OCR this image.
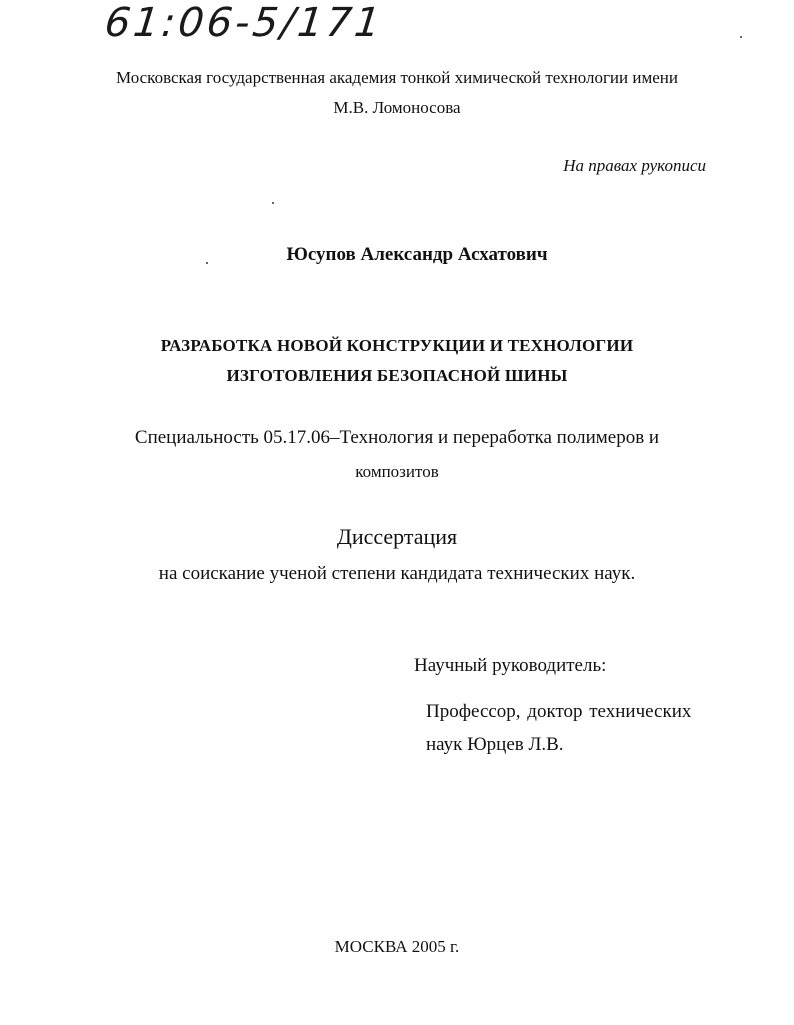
61:06-5/171
Московская государственная академия тонкой химической технологии имени
М.В. Ломоносова
На правах рукописи
Юсупов Александр Асхатович
РАЗРАБОТКА НОВОЙ КОНСТРУКЦИИ И ТЕХНОЛОГИИ
ИЗГОТОВЛЕНИЯ БЕЗОПАСНОЙ ШИНЫ
Специальность 05.17.06–Технология и переработка полимеров и
композитов
Диссертация
на соискание ученой степени кандидата технических наук.
Научный руководитель:
Профессор, доктор технических
наук Юрцев Л.В.
МОСКВА 2005 г.
